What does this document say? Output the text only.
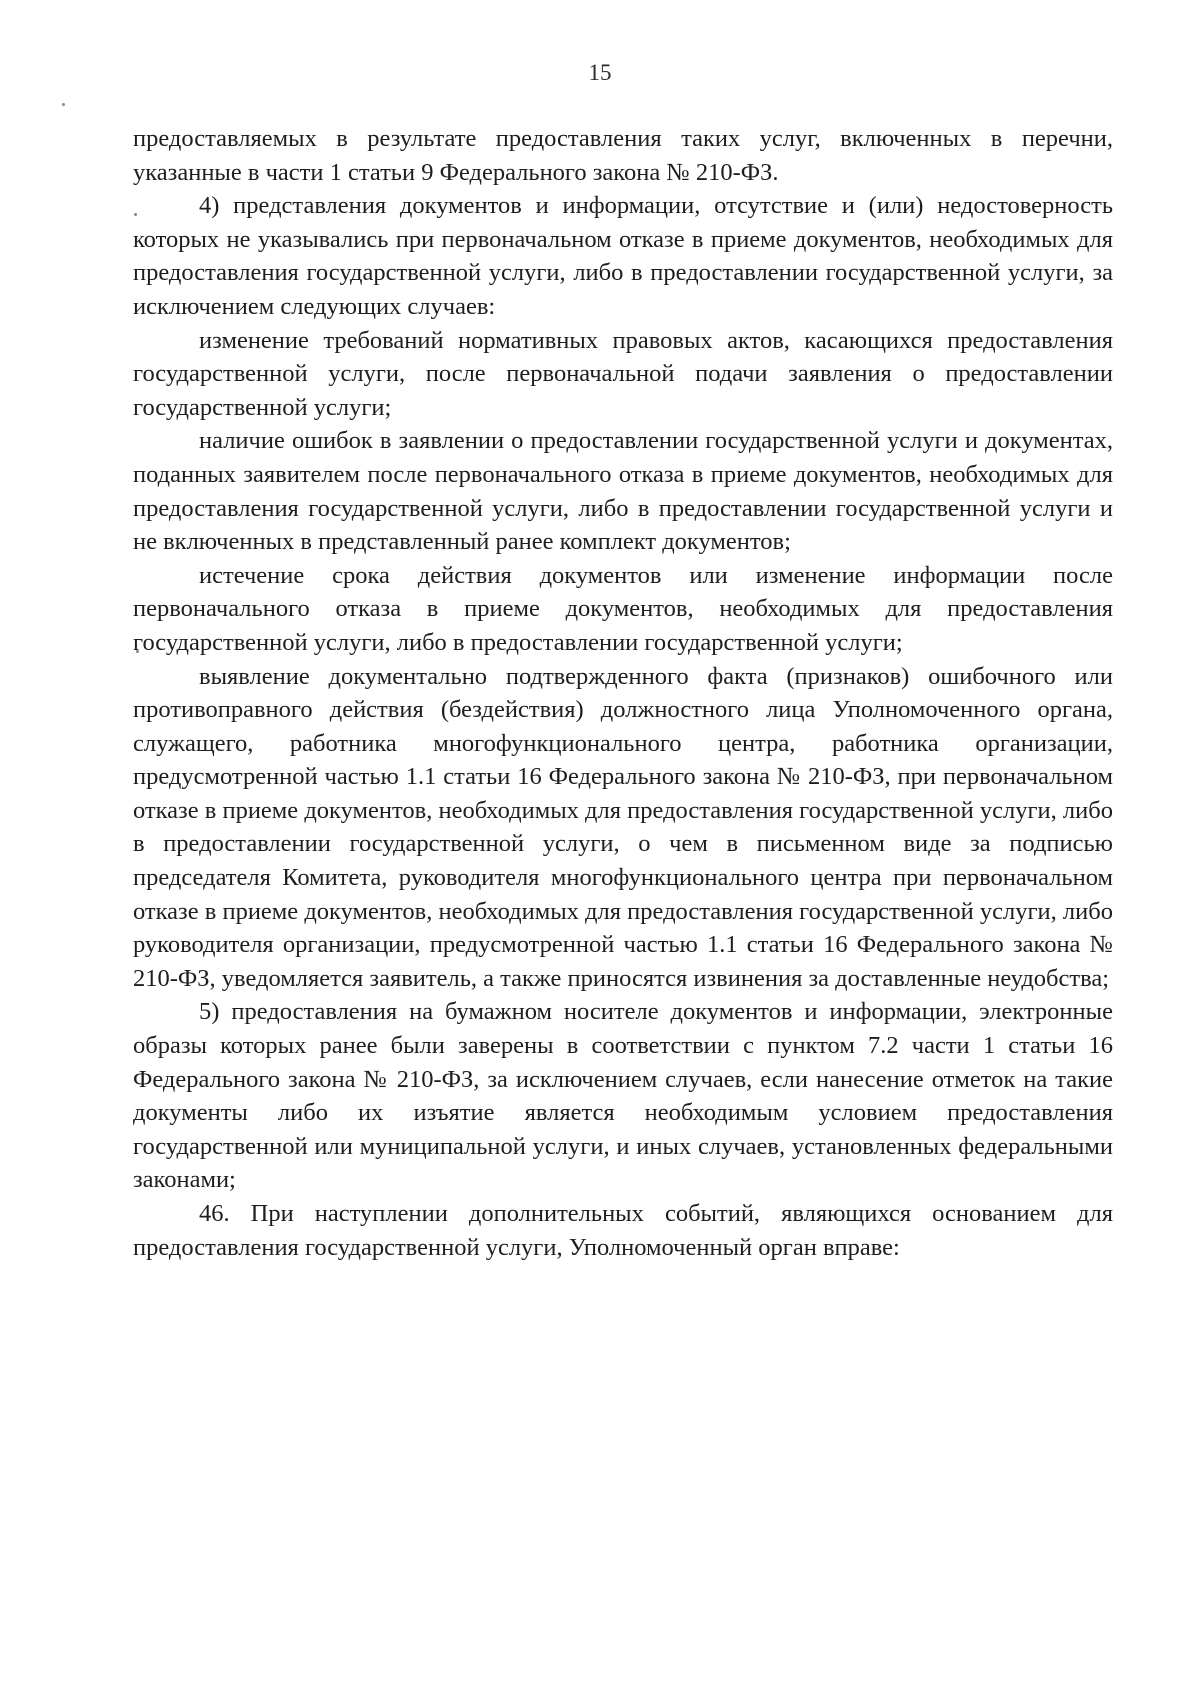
15

предоставляемых в результате предоставления таких услуг, включенных в перечни, указанные в части 1 статьи 9 Федерального закона № 210-ФЗ.

4) представления документов и информации, отсутствие и (или) недостоверность которых не указывались при первоначальном отказе в приеме документов, необходимых для предоставления государственной услуги, либо в предоставлении государственной услуги, за исключением следующих случаев:

изменение требований нормативных правовых актов, касающихся предоставления государственной услуги, после первоначальной подачи заявления о предоставлении государственной услуги;

наличие ошибок в заявлении о предоставлении государственной услуги и документах, поданных заявителем после первоначального отказа в приеме документов, необходимых для предоставления государственной услуги, либо в предоставлении государственной услуги и не включенных в представленный ранее комплект документов;

истечение срока действия документов или изменение информации после первоначального отказа в приеме документов, необходимых для предоставления государственной услуги, либо в предоставлении государственной услуги;

выявление документально подтвержденного факта (признаков) ошибочного или противоправного действия (бездействия) должностного лица Уполномоченного органа, служащего, работника многофункционального центра, работника организации, предусмотренной частью 1.1 статьи 16 Федерального закона № 210-ФЗ, при первоначальном отказе в приеме документов, необходимых для предоставления государственной услуги, либо в предоставлении государственной услуги, о чем в письменном виде за подписью председателя Комитета, руководителя многофункционального центра при первоначальном отказе в приеме документов, необходимых для предоставления государственной услуги, либо руководителя организации, предусмотренной частью 1.1 статьи 16 Федерального закона № 210-ФЗ, уведомляется заявитель, а также приносятся извинения за доставленные неудобства;

5) предоставления на бумажном носителе документов и информации, электронные образы которых ранее были заверены в соответствии с пунктом 7.2 части 1 статьи 16 Федерального закона № 210-ФЗ, за исключением случаев, если нанесение отметок на такие документы либо их изъятие является необходимым условием предоставления государственной или муниципальной услуги, и иных случаев, установленных федеральными законами;

46. При наступлении дополнительных событий, являющихся основанием для предоставления государственной услуги, Уполномоченный орган вправе:
